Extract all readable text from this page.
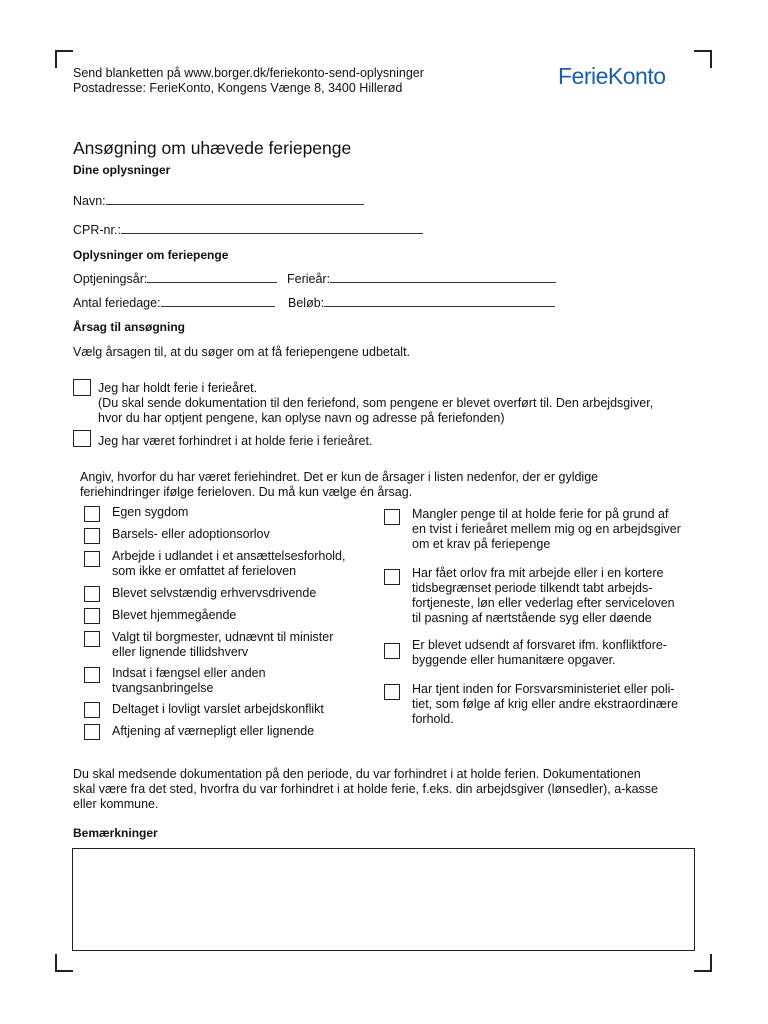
Send blanketten på www.borger.dk/feriekonto-send-oplysninger
Postadresse: FerieKonto, Kongens Vænge 8, 3400 Hillerød	FerieKonto
Ansøgning om uhævede feriepenge
Dine oplysninger
Navn:
CPR-nr.:
Oplysninger om feriepenge
Optjeningsår:	Ferieår:
Antal feriedage:	Beløb:
Årsag til ansøgning
Vælg årsagen til, at du søger om at få feriepengene udbetalt.
Jeg har holdt ferie i ferieåret.
(Du skal sende dokumentation til den feriefond, som pengene er blevet overført til. Den arbejdsgiver,
hvor du har optjent pengene, kan oplyse navn og adresse på feriefonden)
Jeg har været forhindret i at holde ferie i ferieåret.
Angiv, hvorfor du har været feriehindret. Det er kun de årsager i listen nedenfor, der er gyldige
feriehindringer ifølge ferieloven. Du må kun vælge én årsag.
Egen sygdom
Barsels- eller adoptionsorlov
Arbejde i udlandet i et ansættelsesforhold,
som ikke er omfattet af ferieloven
Blevet selvstændig erhvervsdrivende
Blevet hjemmegående
Valgt til borgmester, udnævnt til minister
eller lignende tillidshverv
Indsat i fængsel eller anden
tvangsanbringelse
Deltaget i lovligt varslet arbejdskonflikt
Aftjening af værnepligt eller lignende
Mangler penge til at holde ferie for på grund af
en tvist i ferieåret mellem mig og en arbejdsgiver
om et krav på feriepenge
Har fået orlov fra mit arbejde eller i en kortere
tidsbegrænset periode tilkendt tabt arbejds-
fortjeneste, løn eller vederlag efter serviceloven
til pasning af nærtstående syg eller døende
Er blevet udsendt af forsvaret ifm. konfliktfore-
byggende eller humanitære opgaver.
Har tjent inden for Forsvarsministeriet eller poli-
tiet, som følge af krig eller andre ekstraordinære
forhold.
Du skal medsende dokumentation på den periode, du var forhindret i at holde ferien. Dokumentationen
skal være fra det sted, hvorfra du var forhindret i at holde ferie, f.eks. din arbejdsgiver (lønsedler), a-kasse
eller kommune.
Bemærkninger
